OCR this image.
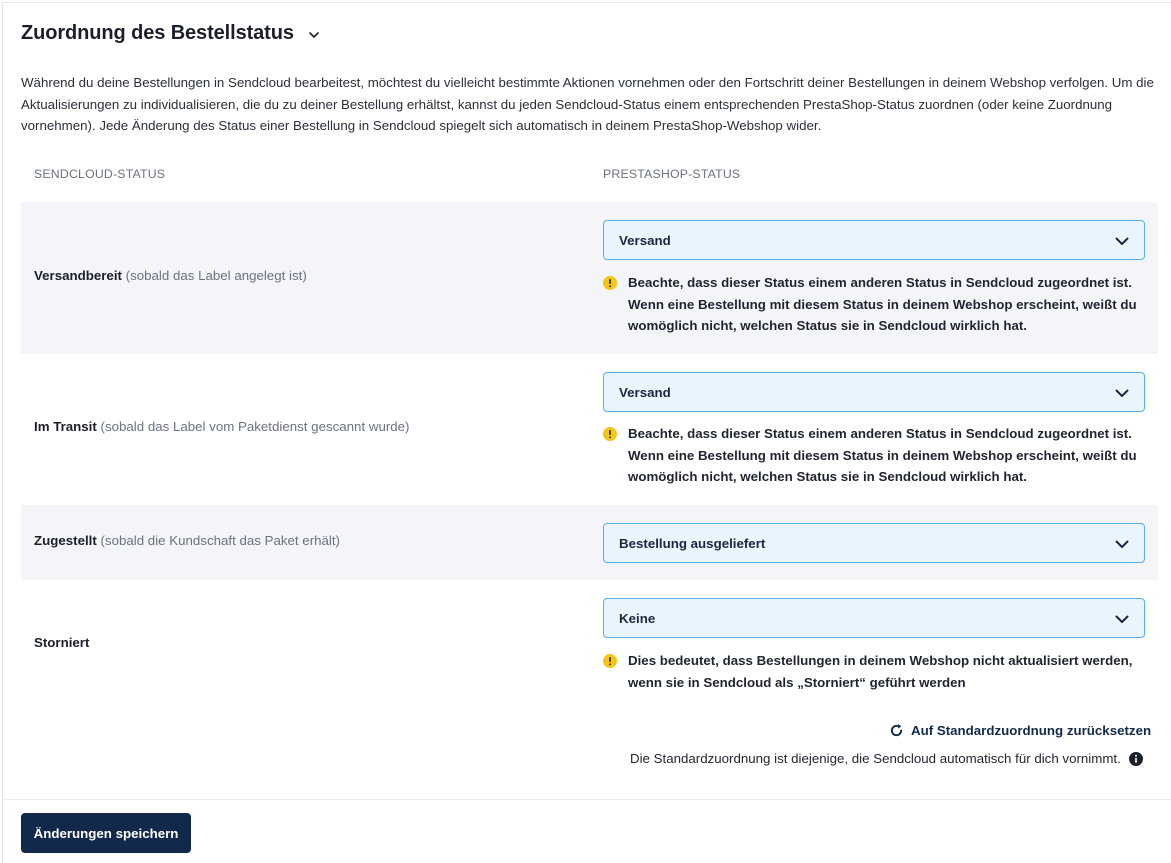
Zuordnung des Bestellstatus

Während du deine Bestellungen in Sendcloud bearbeitest, möchtest du vielleicht bestimmte Aktionen vornehmen oder den Fortschritt deiner Bestellungen in deinem Webshop verfolgen. Um die Aktualisierungen zu individualisieren, die du zu deiner Bestellung erhältst, kannst du jeden Sendcloud-Status einem entsprechenden PrestaShop-Status zuordnen (oder keine Zuordnung vornehmen). Jede Änderung des Status einer Bestellung in Sendcloud spiegelt sich automatisch in deinem PrestaShop-Webshop wider.

SENDCLOUD-STATUS	PRESTASHOP-STATUS
Versandbereit (sobald das Label angelegt ist)
Versand
Beachte, dass dieser Status einem anderen Status in Sendcloud zugeordnet ist. Wenn eine Bestellung mit diesem Status in deinem Webshop erscheint, weißt du womöglich nicht, welchen Status sie in Sendcloud wirklich hat.
Im Transit (sobald das Label vom Paketdienst gescannt wurde)
Versand
Beachte, dass dieser Status einem anderen Status in Sendcloud zugeordnet ist. Wenn eine Bestellung mit diesem Status in deinem Webshop erscheint, weißt du womöglich nicht, welchen Status sie in Sendcloud wirklich hat.
Zugestellt (sobald die Kundschaft das Paket erhält)	Bestellung ausgeliefert
Storniert
Keine
Dies bedeutet, dass Bestellungen in deinem Webshop nicht aktualisiert werden, wenn sie in Sendcloud als „Storniert“ geführt werden
Auf Standardzuordnung zurücksetzen
Die Standardzuordnung ist diejenige, die Sendcloud automatisch für dich vornimmt.
Änderungen speichern
